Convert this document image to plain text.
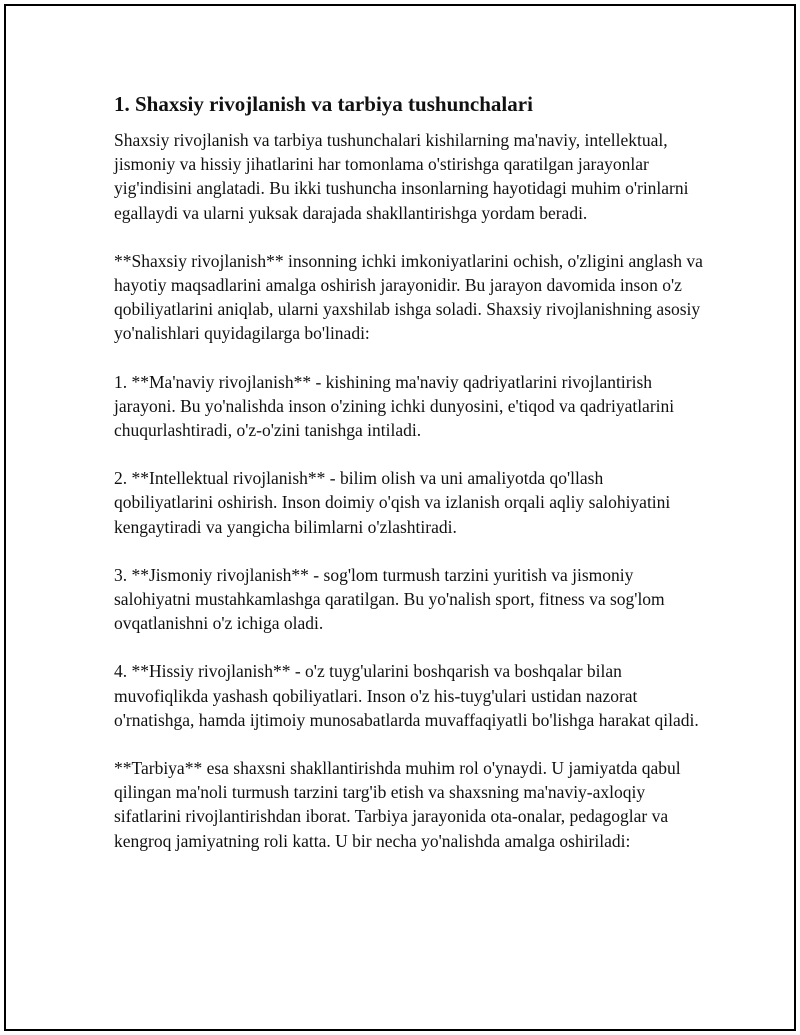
1. Shaxsiy rivojlanish va tarbiya tushunchalari

Shaxsiy rivojlanish va tarbiya tushunchalari kishilarning ma'naviy, intellektual, jismoniy va hissiy jihatlarini har tomonlama o'stirishga qaratilgan jarayonlar yig'indisini anglatadi. Bu ikki tushuncha insonlarning hayotidagi muhim o'rinlarni egallaydi va ularni yuksak darajada shakllantirishga yordam beradi.

**Shaxsiy rivojlanish** insonning ichki imkoniyatlarini ochish, o'zligini anglash va hayotiy maqsadlarini amalga oshirish jarayonidir. Bu jarayon davomida inson o'z qobiliyatlarini aniqlab, ularni yaxshilab ishga soladi. Shaxsiy rivojlanishning asosiy yo'nalishlari quyidagilarga bo'linadi:

1. **Ma'naviy rivojlanish** - kishining ma'naviy qadriyatlarini rivojlantirish jarayoni. Bu yo'nalishda inson o'zining ichki dunyosini, e'tiqod va qadriyatlarini chuqurlashtiradi, o'z-o'zini tanishga intiladi.

2. **Intellektual rivojlanish** - bilim olish va uni amaliyotda qo'llash qobiliyatlarini oshirish. Inson doimiy o'qish va izlanish orqali aqliy salohiyatini kengaytiradi va yangicha bilimlarni o'zlashtiradi.

3. **Jismoniy rivojlanish** - sog'lom turmush tarzini yuritish va jismoniy salohiyatni mustahkamlashga qaratilgan. Bu yo'nalish sport, fitness va sog'lom ovqatlanishni o'z ichiga oladi.

4. **Hissiy rivojlanish** - o'z tuyg'ularini boshqarish va boshqalar bilan muvofiqlikda yashash qobiliyatlari. Inson o'z his-tuyg'ulari ustidan nazorat o'rnatishga, hamda ijtimoiy munosabatlarda muvaffaqiyatli bo'lishga harakat qiladi.

**Tarbiya** esa shaxsni shakllantirishda muhim rol o'ynaydi. U jamiyatda qabul qilingan ma'noli turmush tarzini targ'ib etish va shaxsning ma'naviy-axloqiy sifatlarini rivojlantirishdan iborat. Tarbiya jarayonida ota-onalar, pedagoglar va kengroq jamiyatning roli katta. U bir necha yo'nalishda amalga oshiriladi:
